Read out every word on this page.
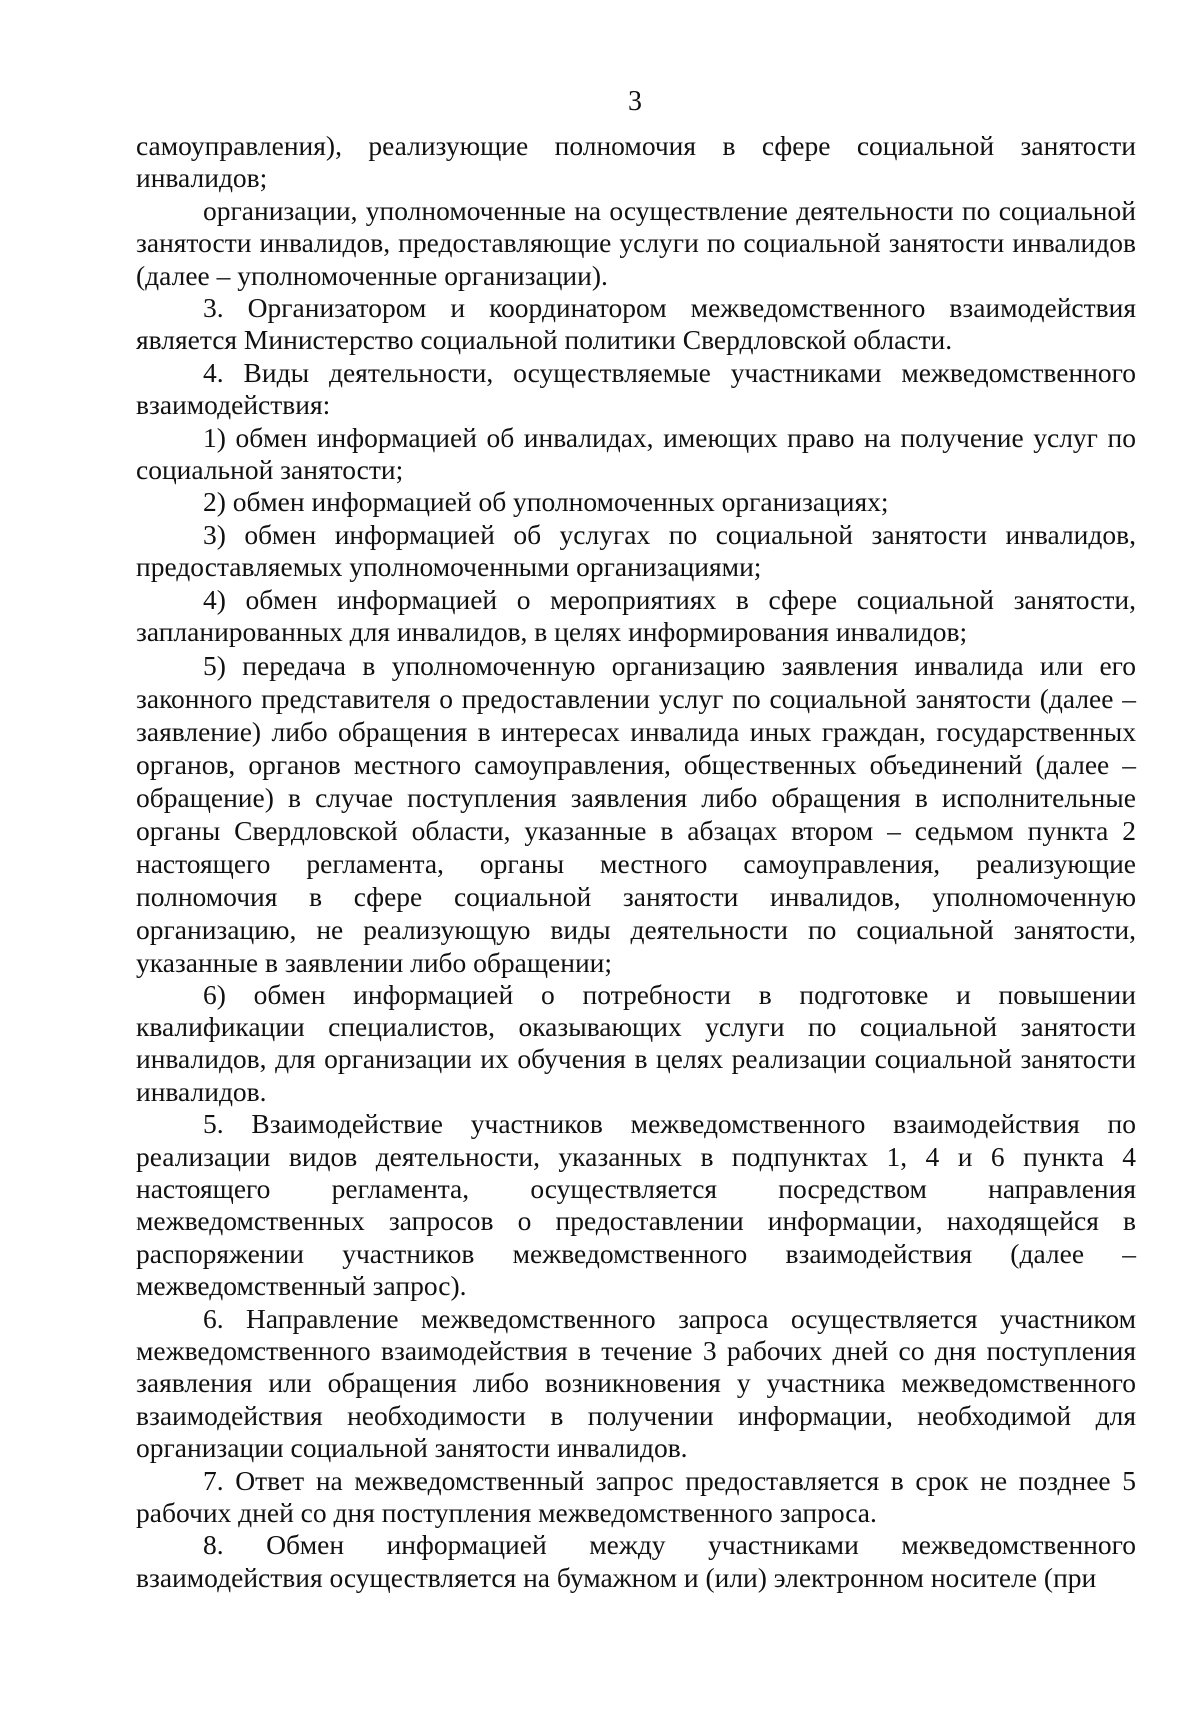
3

самоуправления), реализующие полномочия в сфере социальной занятости инвалидов;

организации, уполномоченные на осуществление деятельности по социальной занятости инвалидов, предоставляющие услуги по социальной занятости инвалидов (далее – уполномоченные организации).

3. Организатором и координатором межведомственного взаимодействия является Министерство социальной политики Свердловской области.

4. Виды деятельности, осуществляемые участниками межведомственного взаимодействия:

1) обмен информацией об инвалидах, имеющих право на получение услуг по социальной занятости;

2) обмен информацией об уполномоченных организациях;

3) обмен информацией об услугах по социальной занятости инвалидов, предоставляемых уполномоченными организациями;

4) обмен информацией о мероприятиях в сфере социальной занятости, запланированных для инвалидов, в целях информирования инвалидов;

5) передача в уполномоченную организацию заявления инвалида или его законного представителя о предоставлении услуг по социальной занятости (далее – заявление) либо обращения в интересах инвалида иных граждан, государственных органов, органов местного самоуправления, общественных объединений (далее – обращение) в случае поступления заявления либо обращения в исполнительные органы Свердловской области, указанные в абзацах втором – седьмом пункта 2 настоящего регламента, органы местного самоуправления, реализующие полномочия в сфере социальной занятости инвалидов, уполномоченную организацию, не реализующую виды деятельности по социальной занятости, указанные в заявлении либо обращении;

6) обмен информацией о потребности в подготовке и повышении квалификации специалистов, оказывающих услуги по социальной занятости инвалидов, для организации их обучения в целях реализации социальной занятости инвалидов.

5. Взаимодействие участников межведомственного взаимодействия по реализации видов деятельности, указанных в подпунктах 1, 4 и 6 пункта 4 настоящего регламента, осуществляется посредством направления межведомственных запросов о предоставлении информации, находящейся в распоряжении участников межведомственного взаимодействия (далее – межведомственный запрос).

6. Направление межведомственного запроса осуществляется участником межведомственного взаимодействия в течение 3 рабочих дней со дня поступления заявления или обращения либо возникновения у участника межведомственного взаимодействия необходимости в получении информации, необходимой для организации социальной занятости инвалидов.

7. Ответ на межведомственный запрос предоставляется в срок не позднее 5 рабочих дней со дня поступления межведомственного запроса.

8. Обмен информацией между участниками межведомственного взаимодействия осуществляется на бумажном и (или) электронном носителе (при
